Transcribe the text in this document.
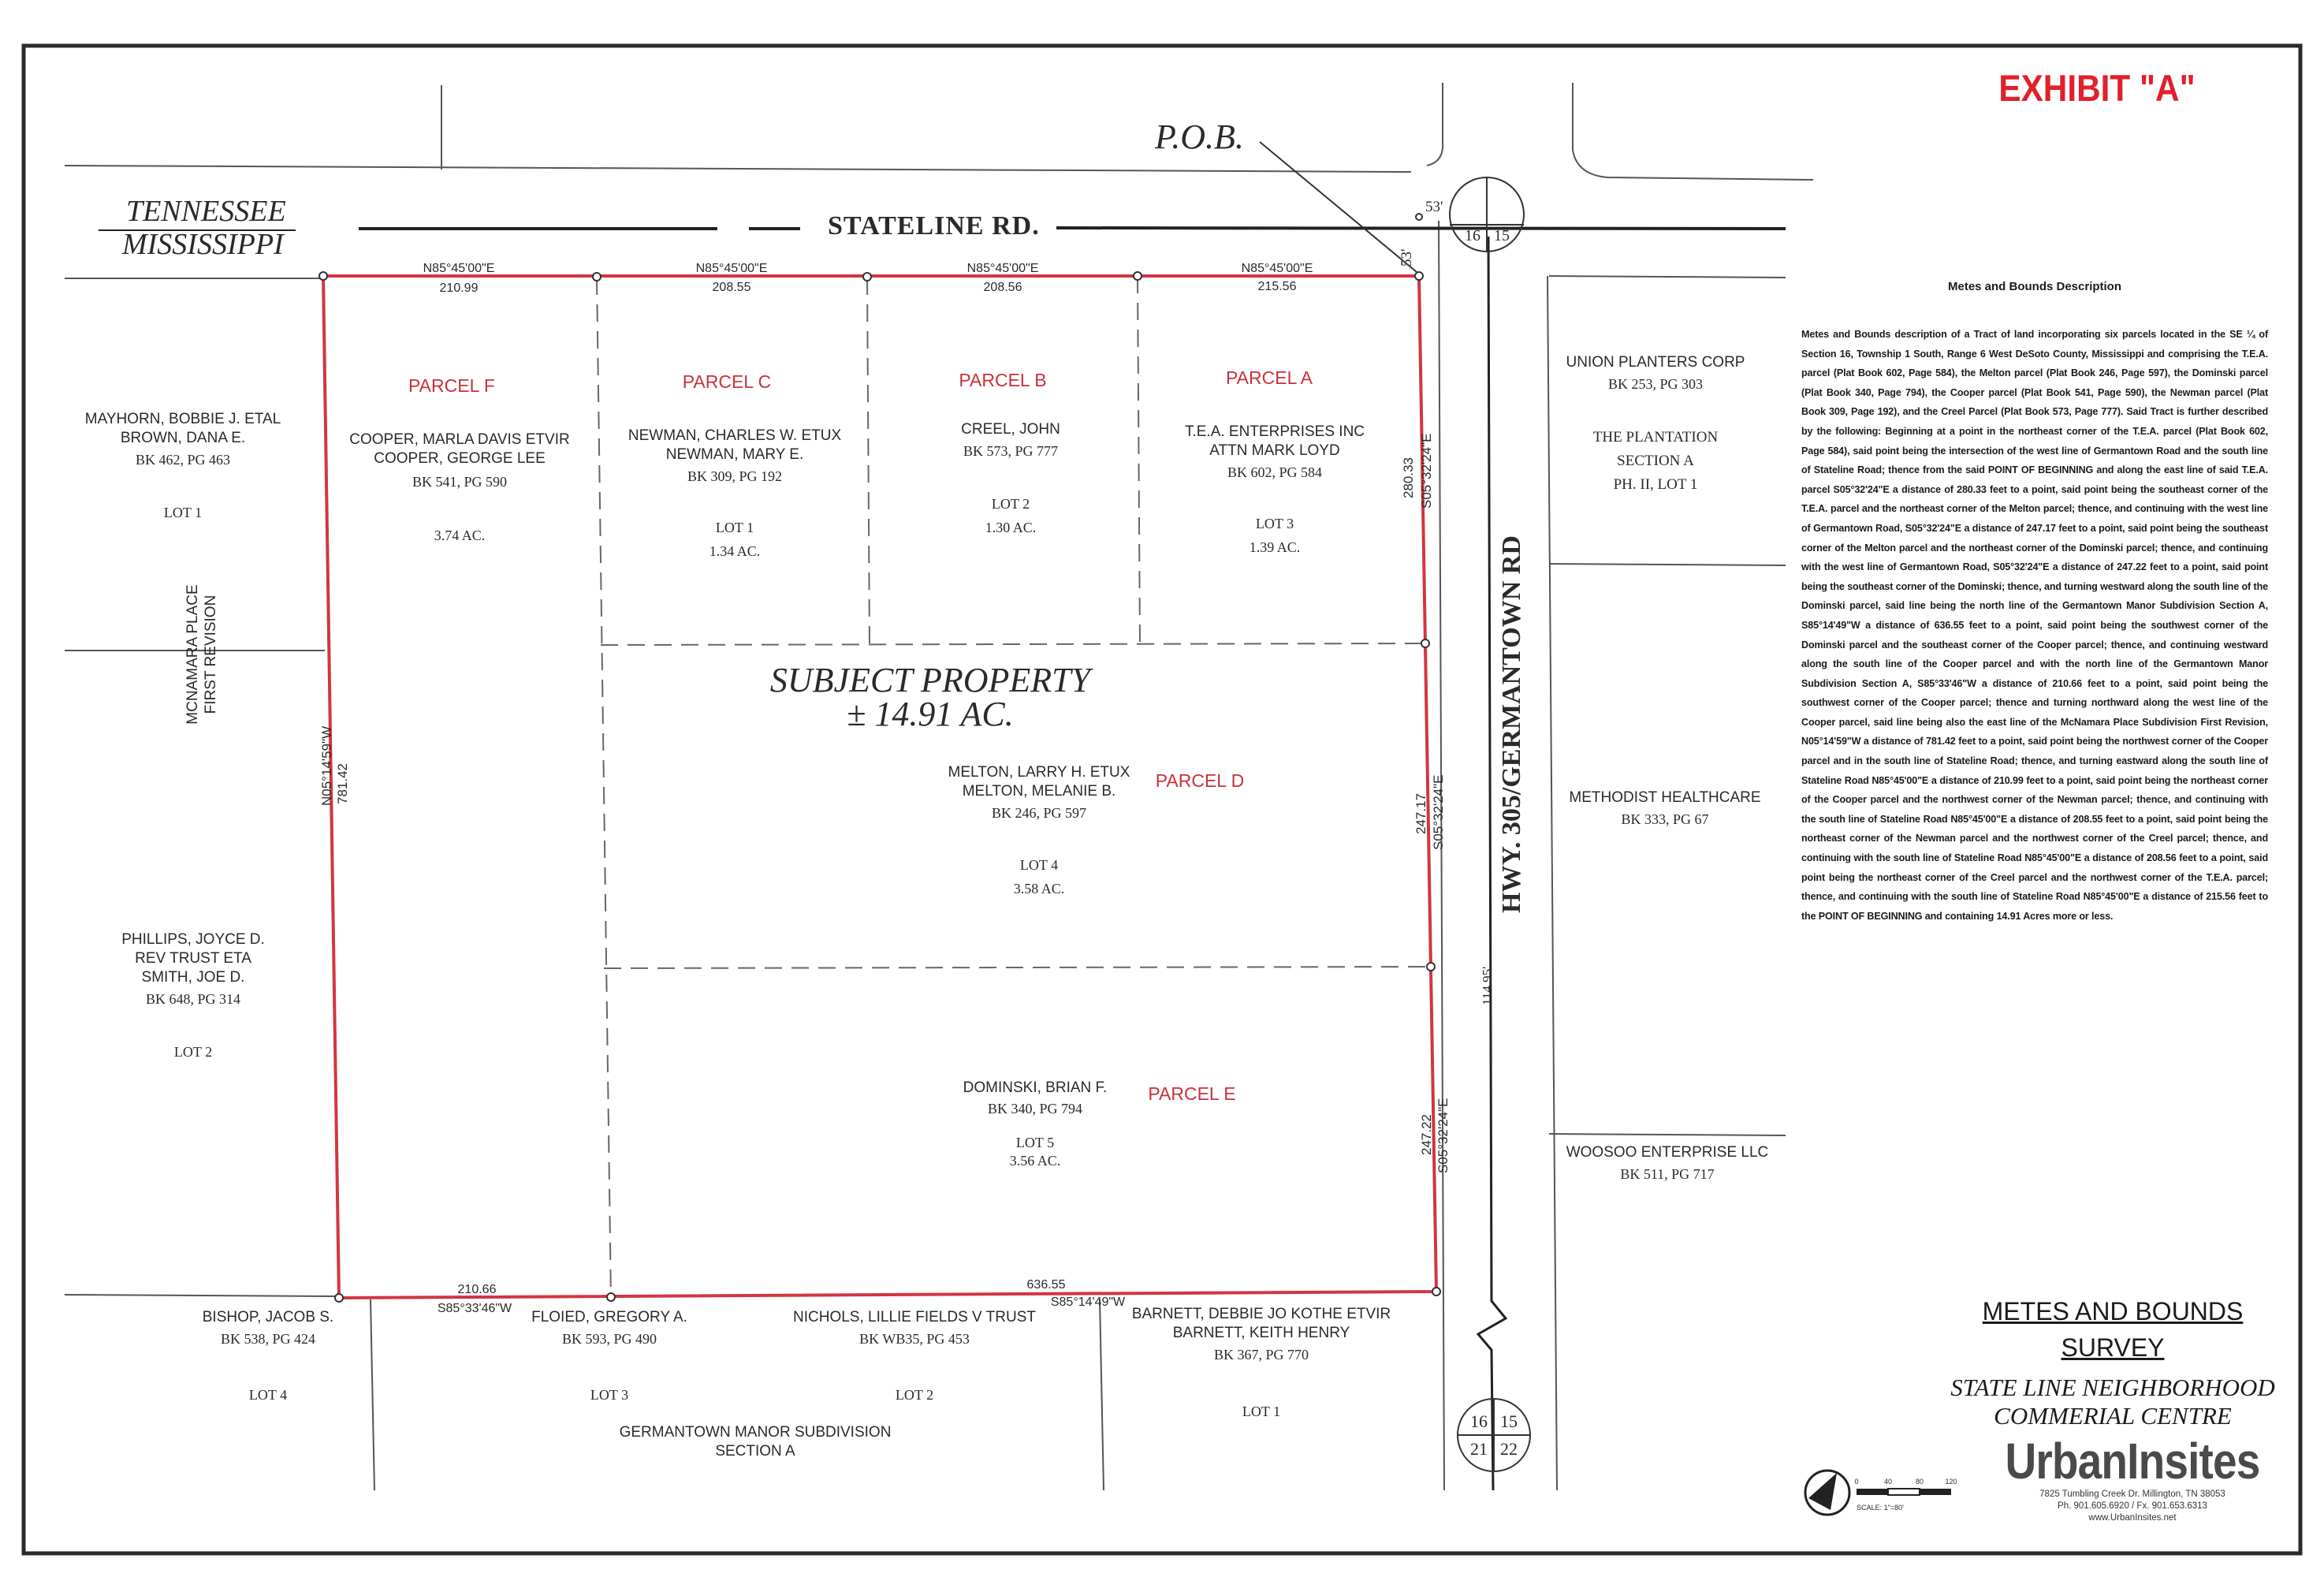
16 15
16 15
21 22
P.O.B.
STATELINE RD.
TENNESSEE
MISSISSIPPI
HWY. 305/GERMANTOWN RD
53'
53'
114.95'
N85°45'00"E
210.99
N85°45'00"E
208.55
N85°45'00"E
208.56
N85°45'00"E
215.56
280.33 S05°32'24"E
247.17 S05°32'24"E
247.22 S05°32'24"E
781.42
N05°14'59"W
210.66
S85°33'46"W
636.55
S85°14'49"W
PARCEL F
COOPER, MARLA DAVIS ETVIR
COOPER, GEORGE LEE
BK 541, PG 590
3.74 AC.
PARCEL C
NEWMAN, CHARLES W. ETUX
NEWMAN, MARY E.
BK 309, PG 192
LOT 1
1.34 AC.
PARCEL B
CREEL, JOHN
BK 573, PG 777
LOT 2
1.30 AC.
PARCEL A
T.E.A. ENTERPRISES INC
ATTN MARK LOYD
BK 602, PG 584
LOT 3
1.39 AC.
SUBJECT PROPERTY
± 14.91 AC.
PARCEL D
MELTON, LARRY H. ETUX
MELTON, MELANIE B.
BK 246, PG 597
LOT 4
3.58 AC.
PARCEL E
DOMINSKI, BRIAN F.
BK 340, PG 794
LOT 5
3.56 AC.
MAYHORN, BOBBIE J. ETAL
BROWN, DANA E.
BK 462, PG 463
LOT 1
MCNAMARA PLACE FIRST REVISION
PHILLIPS, JOYCE D.
REV TRUST ETA
SMITH, JOE D.
BK 648, PG 314
LOT 2
UNION PLANTERS CORP
BK 253, PG 303
THE PLANTATION
SECTION A
PH. II, LOT 1
METHODIST HEALTHCARE
BK 333, PG 67
WOOSOO ENTERPRISE LLC
BK 511, PG 717
BISHOP, JACOB S.
BK 538, PG 424
LOT 4
FLOIED, GREGORY A.
BK 593, PG 490
LOT 3
NICHOLS, LILLIE FIELDS V TRUST
BK WB35, PG 453
LOT 2
BARNETT, DEBBIE JO KOTHE ETVIR
BARNETT, KEITH HENRY
BK 367, PG 770
LOT 1
GERMANTOWN MANOR SUBDIVISION
SECTION A
0	40	80	120
SCALE: 1"=80'
EXHIBIT "A"

Metes and Bounds Description

Metes and Bounds description of a Tract of land incorporating six parcels located in the SE ¼ of Section 16, Township 1 South, Range 6 West DeSoto County, Mississippi and comprising the T.E.A. parcel (Plat Book 602, Page 584), the Melton parcel (Plat Book 246, Page 597), the Dominski parcel (Plat Book 340, Page 794), the Cooper parcel (Plat Book 541, Page 590), the Newman parcel (Plat Book 309, Page 192), and the Creel Parcel (Plat Book 573, Page 777). Said Tract is further described by the following: Beginning at a point in the northeast corner of the T.E.A. parcel (Plat Book 602, Page 584), said point being the intersection of the west line of Germantown Road and the south line of Stateline Road; thence from the said POINT OF BEGINNING and along the east line of said T.E.A. parcel S05°32'24"E a distance of 280.33 feet to a point, said point being the southeast corner of the T.E.A. parcel and the northeast corner of the Melton parcel; thence, and continuing with the west line of Germantown Road, S05°32'24"E a distance of 247.17 feet to a point, said point being the southeast corner of the Melton parcel and the northeast corner of the Dominski parcel; thence, and continuing with the west line of Germantown Road, S05°32'24"E a distance of 247.22 feet to a point, said point being the southeast corner of the Dominski; thence, and turning westward along the south line of the Dominski parcel, said line being the north line of the Germantown Manor Subdivision Section A, S85°14'49"W a distance of 636.55 feet to a point, said point being the southwest corner of the Dominski parcel and the southeast corner of the Cooper parcel; thence, and continuing westward along the south line of the Cooper parcel and with the north line of the Germantown Manor Subdivision Section A, S85°33'46"W a distance of 210.66 feet to a point, said point being the southwest corner of the Cooper parcel; thence and turning northward along the west line of the Cooper parcel, said line being also the east line of the McNamara Place Subdivision First Revision, N05°14'59"W a distance of 781.42 feet to a point, said point being the northwest corner of the Cooper parcel and in the south line of Stateline Road; thence, and turning eastward along the south line of Stateline Road N85°45'00"E a distance of 210.99 feet to a point, said point being the northeast corner of the Cooper parcel and the northwest corner of the Newman parcel; thence, and continuing with the south line of Stateline Road N85°45'00"E a distance of 208.55 feet to a point, said point being the northeast corner of the Newman parcel and the northwest corner of the Creel parcel; thence, and continuing with the south line of Stateline Road N85°45'00"E a distance of 208.56 feet to a point, said point being the northeast corner of the Creel parcel and the northwest corner of the T.E.A. parcel; thence, and continuing with the south line of Stateline Road N85°45'00"E a distance of 215.56 feet to the POINT OF BEGINNING and containing 14.91 Acres more or less.

METES AND BOUNDS
SURVEY
STATE LINE NEIGHBORHOOD
COMMERIAL CENTRE
UrbanInsites
7825 Tumbling Creek Dr. Millington, TN 38053
Ph. 901.605.6920 / Fx. 901.653.6313
www.UrbanInsites.net
